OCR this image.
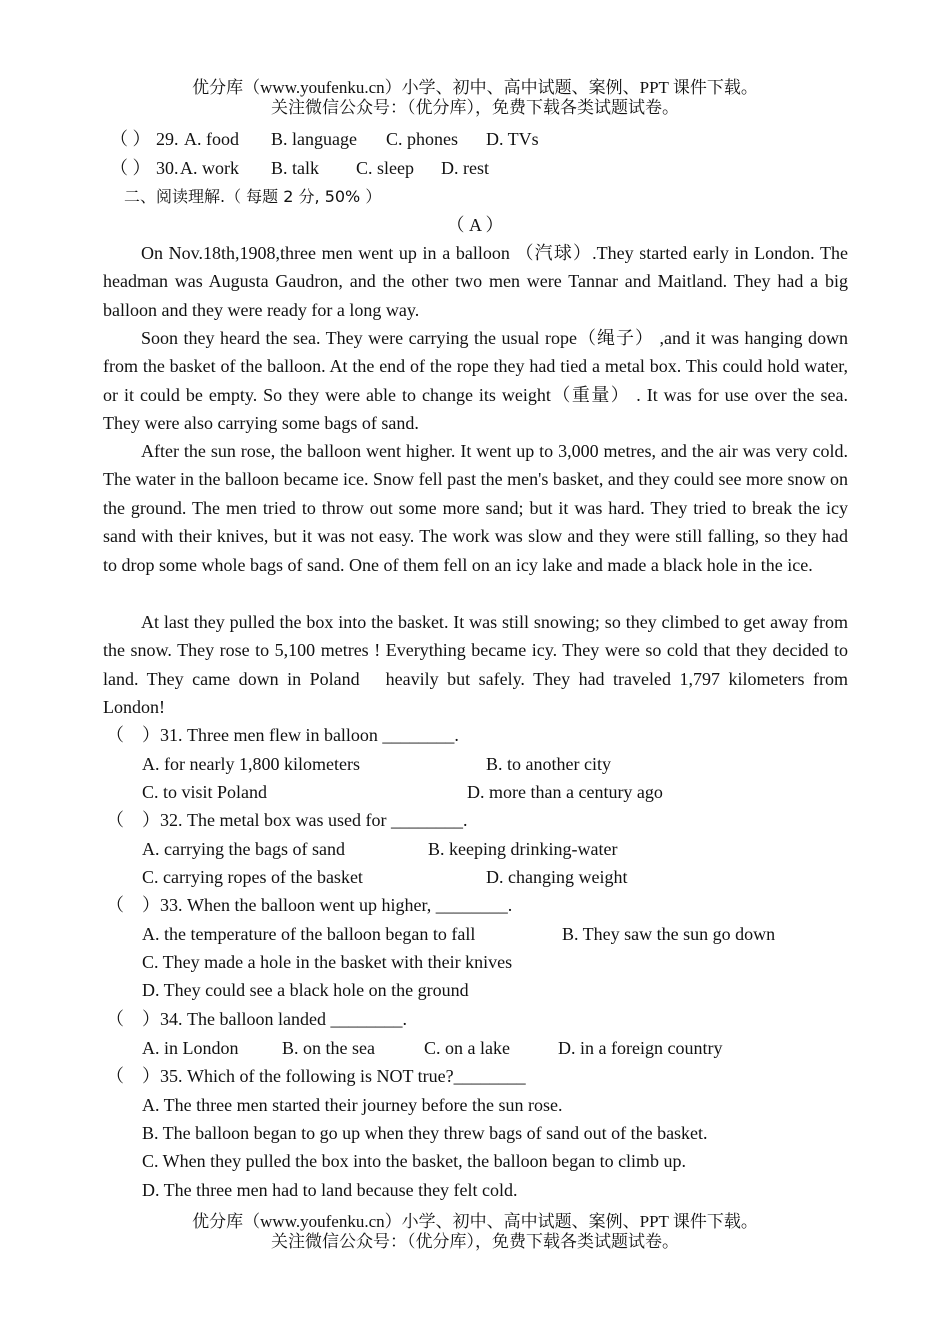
优分库（www.youfenku.cn）小学、初中、高中试题、案例、PPT 课件下载。
关注微信公众号：（优分库），免费下载各类试题试卷。
（ ） 29. A. food B. language C. phones D. TVs
（ ） 30. A. work B. talk C. sleep D. rest
二、阅读理解.（ 每题 2 分, 50% ）
（ A ）
On Nov.18th,1908,three men went up in a balloon （汽球）.They started early in London. The headman was Augusta Gaudron, and the other two men were Tannar and Maitland. They had a big balloon and they were ready for a long way.
Soon they heard the sea. They were carrying the usual rope（绳子） ,and it was hanging down from the basket of the balloon. At the end of the rope they had tied a metal box. This could hold water, or it could be empty. So they were able to change its weight（重量） . It was for use over the sea. They were also carrying some bags of sand.
After the sun rose, the balloon went higher. It went up to 3,000 metres, and the air was very cold. The water in the balloon became ice. Snow fell past the men's basket, and they could see more snow on the ground. The men tried to throw out some more sand; but it was hard. They tried to break the icy sand with their knives, but it was not easy. The work was slow and they were still falling, so they had to drop some whole bags of sand. One of them fell on an icy lake and made a black hole in the ice.
At last they pulled the box into the basket. It was still snowing; so they climbed to get away from the snow. They rose to 5,100 metres ! Everything became icy. They were so cold that they decided to land. They came down in Poland　heavily but safely. They had traveled 1,797 kilometers from London!
（　）31. Three men flew in balloon ________.
A. for nearly 1,800 kilometers	B. to another city
C. to visit Poland	D. more than a century ago
（　）32. The metal box was used for ________.
A. carrying the bags of sand	B. keeping drinking-water
C. carrying ropes of the basket	D. changing weight
（　）33. When the balloon went up higher, ________.
A. the temperature of the balloon began to fall	B. They saw the sun go down
C. They made a hole in the basket with their knives
D. They could see a black hole on the ground
（　）34. The balloon landed ________.
A. in London B. on the sea	C. on a lake	D. in a foreign country
（　）35. Which of the following is NOT true?________
A. The three men started their journey before the sun rose.
B. The balloon began to go up when they threw bags of sand out of the basket.
C. When they pulled the box into the basket, the balloon began to climb up.
D. The three men had to land because they felt cold.
优分库（www.youfenku.cn）小学、初中、高中试题、案例、PPT 课件下载。
关注微信公众号：（优分库），免费下载各类试题试卷。
